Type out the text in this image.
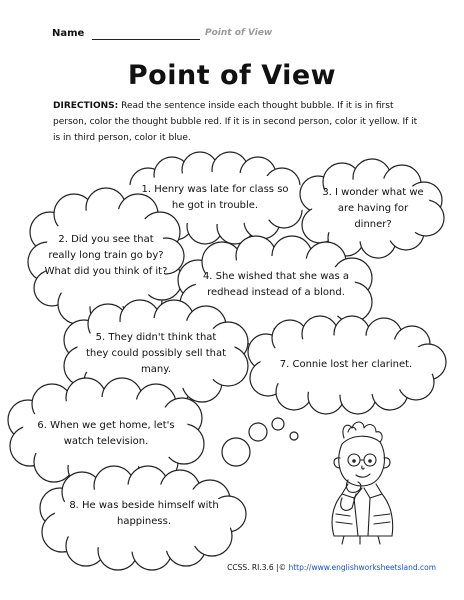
Name	Point of View
Point of View
DIRECTIONS: Read the sentence inside each thought bubble. If it is in first person, color the thought bubble red. If it is in second person, color it yellow. If it is in third person, color it blue.
1. Henry was late for class so he got in trouble.
2. Did you see that really long train go by? What did you think of it?
3. I wonder what we are having for dinner?
4. She wished that she was a redhead instead of a blond.
5. They didn't think that they could possibly sell that many.	7. Connie lost her clarinet.
6. When we get home, let's watch television.
8. He was beside himself with happiness.
CCSS. RI.3.6 |© http://www.englishworksheetsland.com
